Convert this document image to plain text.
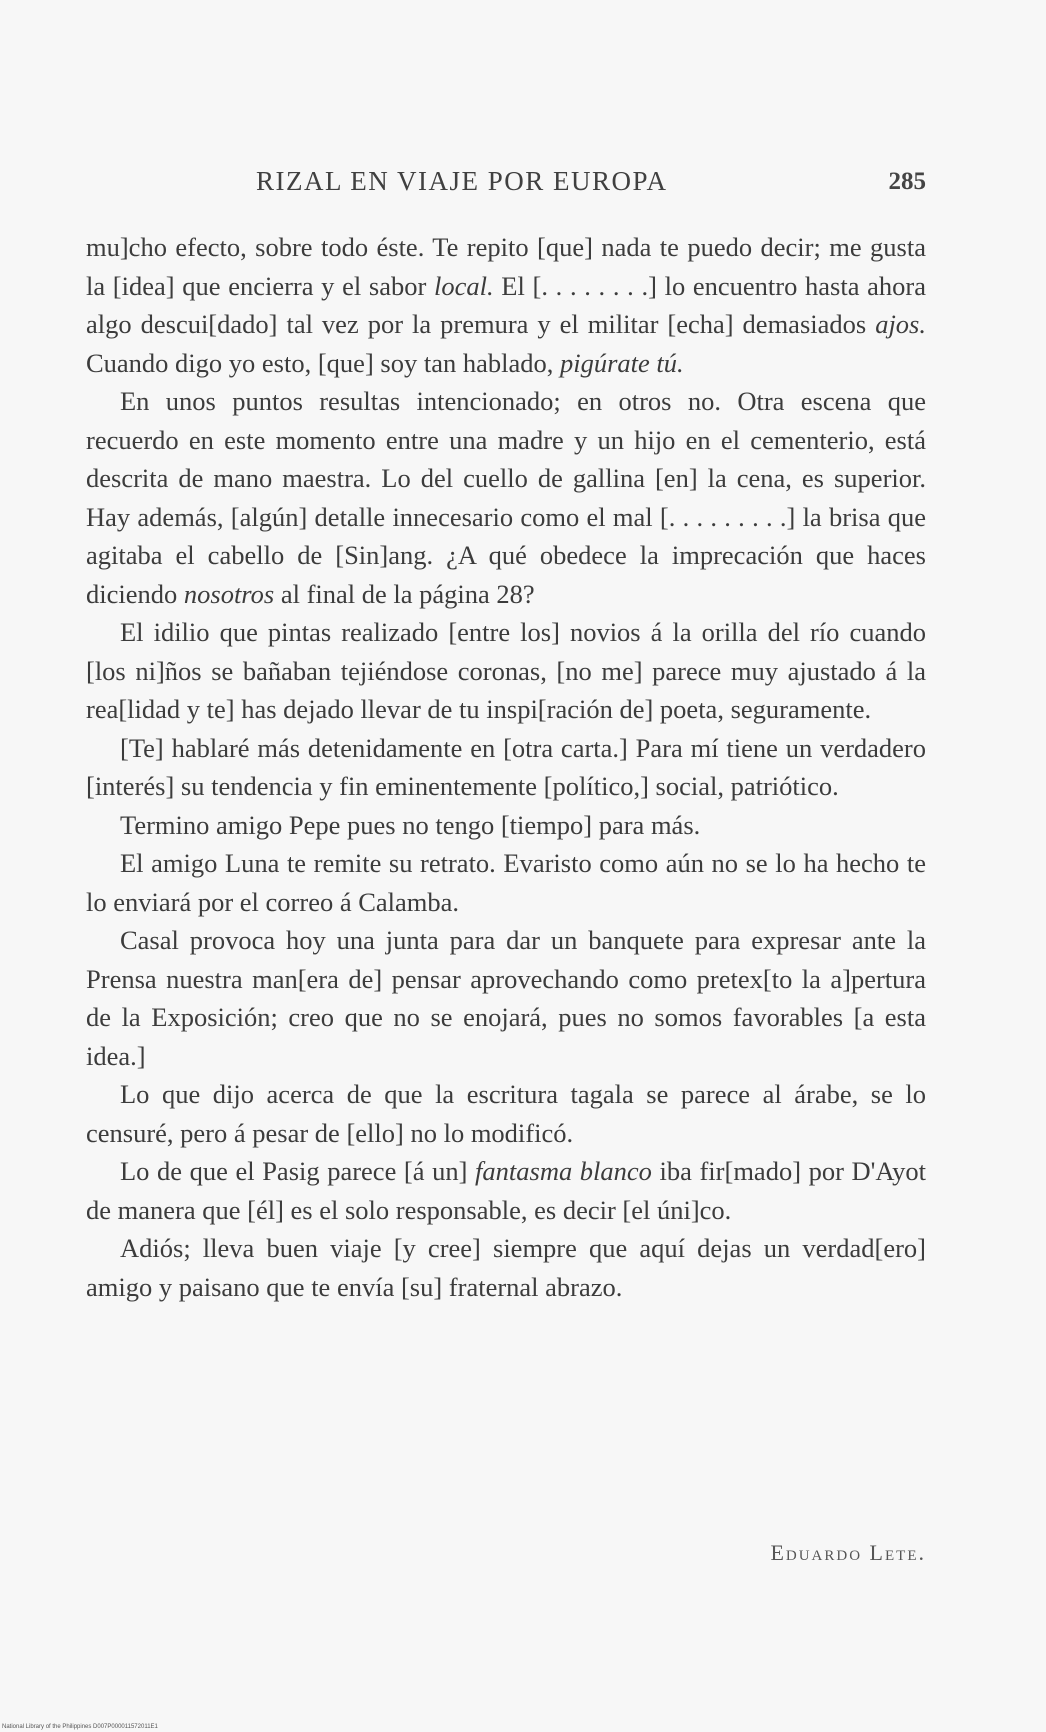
RIZAL EN VIAJE POR EUROPA	285

mu]cho efecto, sobre todo éste. Te repito [que] nada te puedo decir; me gusta la [idea] que encierra y el sabor local. El [. . . . . . . .] lo encuentro hasta ahora algo descui[dado] tal vez por la premura y el militar [echa] demasiados ajos. Cuando digo yo esto, [que] soy tan hablado, pigúrate tú.

En unos puntos resultas intencionado; en otros no. Otra escena que recuerdo en este momento entre una madre y un hijo en el cementerio, está descrita de mano maestra. Lo del cuello de gallina [en] la cena, es superior. Hay además, [algún] detalle innecesario como el mal [. . . . . . . . .] la brisa que agitaba el cabello de [Sin]ang. ¿A qué obedece la imprecación que haces diciendo nosotros al final de la página 28?

El idilio que pintas realizado [entre los] novios á la orilla del río cuando [los ni]ños se bañaban tejiéndose coronas, [no me] parece muy ajustado á la rea[lidad y te] has dejado llevar de tu inspi[ración de] poeta, seguramente.

[Te] hablaré más detenidamente en [otra carta.] Para mí tiene un verdadero [interés] su tendencia y fin eminentemente [político,] social, patriótico.

Termino amigo Pepe pues no tengo [tiempo] para más.

El amigo Luna te remite su retrato. Evaristo como aún no se lo ha hecho te lo enviará por el correo á Calamba.

Casal provoca hoy una junta para dar un banquete para expresar ante la Prensa nuestra man[era de] pensar aprovechando como pretex[to la a]pertura de la Exposición; creo que no se enojará, pues no somos favorables [a esta idea.]

Lo que dijo acerca de que la escritura tagala se parece al árabe, se lo censuré, pero á pesar de [ello] no lo modificó.

Lo de que el Pasig parece [á un] fantasma blanco iba fir[mado] por D'Ayot de manera que [él] es el solo responsable, es decir [el úni]co.

Adiós; lleva buen viaje [y cree] siempre que aquí dejas un verdad[ero] amigo y paisano que te envía [su] fraternal abrazo.

Eduardo Lete.
National Library of the Philippines D007P000011572011E1
